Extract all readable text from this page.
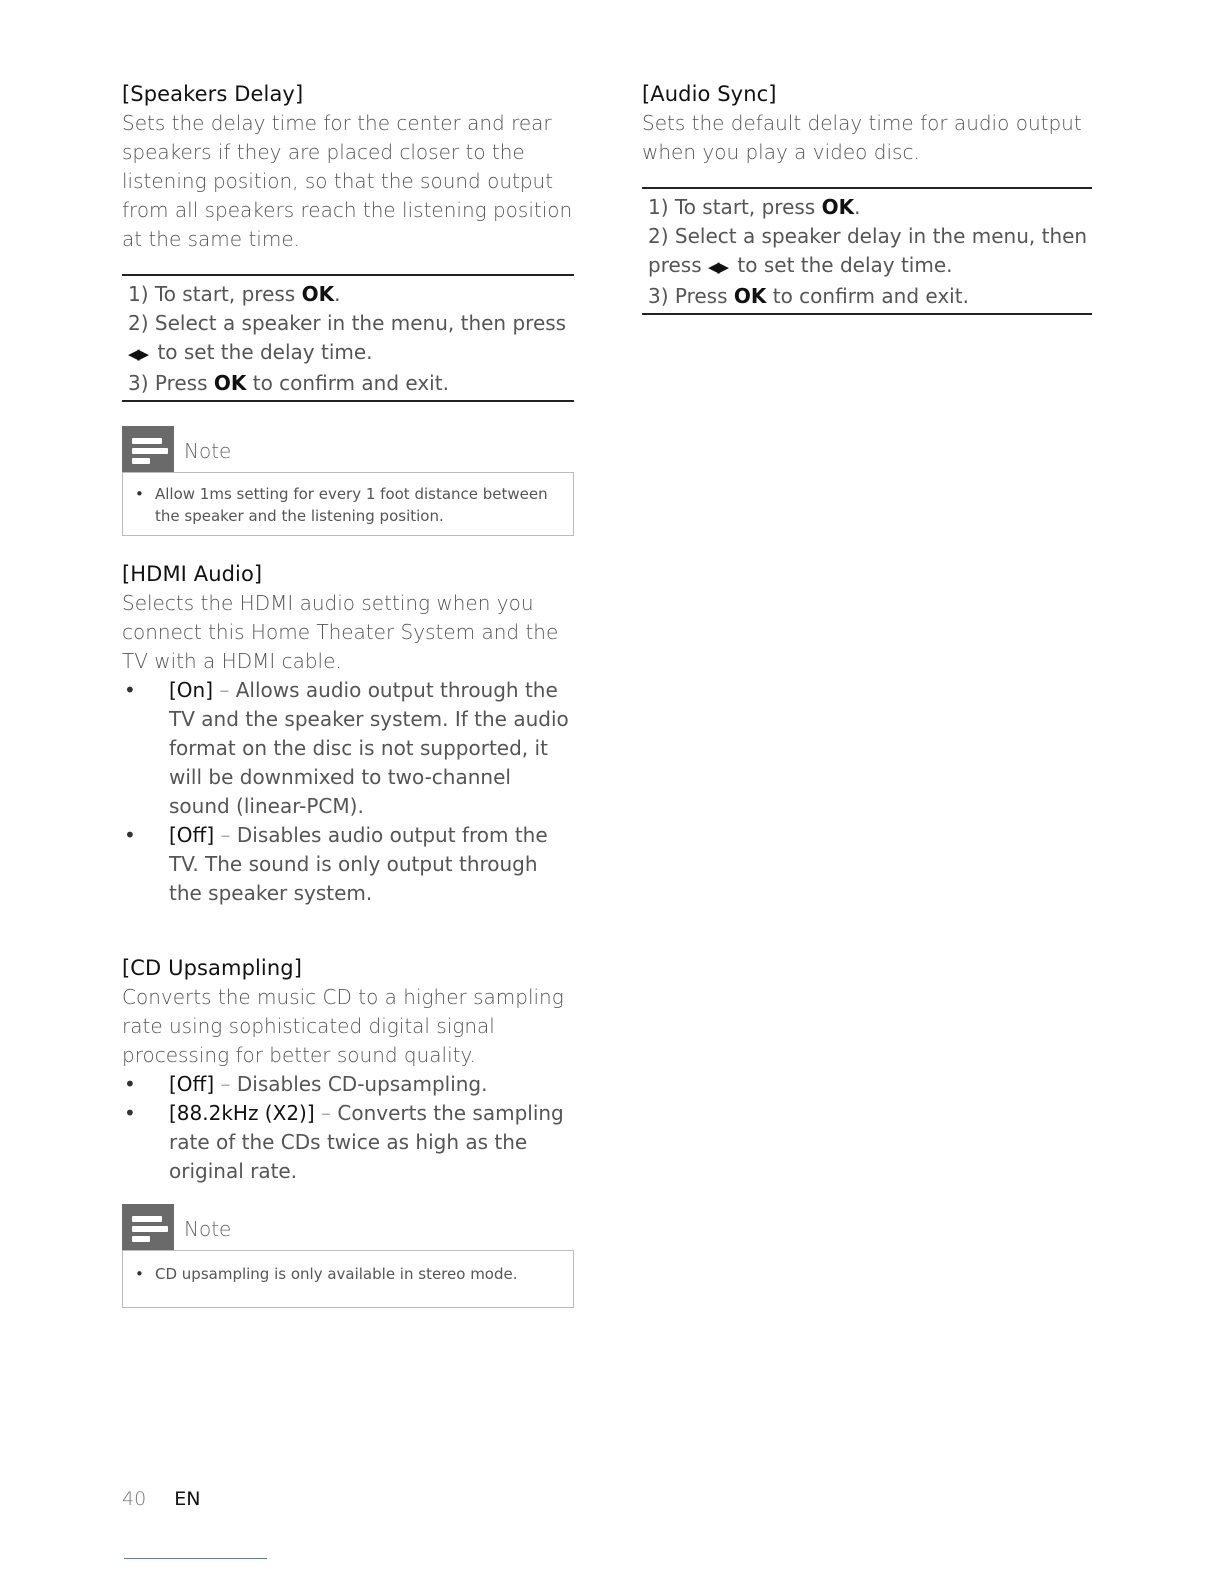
[Speakers Delay]

Sets the delay time for the center and rear speakers if they are placed closer to the listening position, so that the sound output from all speakers reach the listening position at the same time.

1) To start, press OK.

2) Select a speaker in the menu, then press

◀▶ to set the delay time.

3) Press OK to confirm and exit.

Note
• Allow 1ms setting for every 1 foot distance between the speaker and the listening position.
[HDMI Audio]

Selects the HDMI audio setting when you connect this Home Theater System and the TV with a HDMI cable.

•	[On] – Allows audio output through the TV and the speaker system. If the audio format on the disc is not supported, it will be downmixed to two-channel sound (linear-PCM).
•	[Off] – Disables audio output from the TV. The sound is only output through the speaker system.
[CD Upsampling]

Converts the music CD to a higher sampling rate using sophisticated digital signal processing for better sound quality.

•	[Off] – Disables CD-upsampling.
•	[88.2kHz (X2)] – Converts the sampling rate of the CDs twice as high as the original rate.
Note
• CD upsampling is only available in stereo mode.
[Audio Sync]

Sets the default delay time for audio output when you play a video disc.

1) To start, press OK.

2) Select a speaker delay in the menu, then

press ◀▶ to set the delay time.

3) Press OK to confirm and exit.

40 EN
